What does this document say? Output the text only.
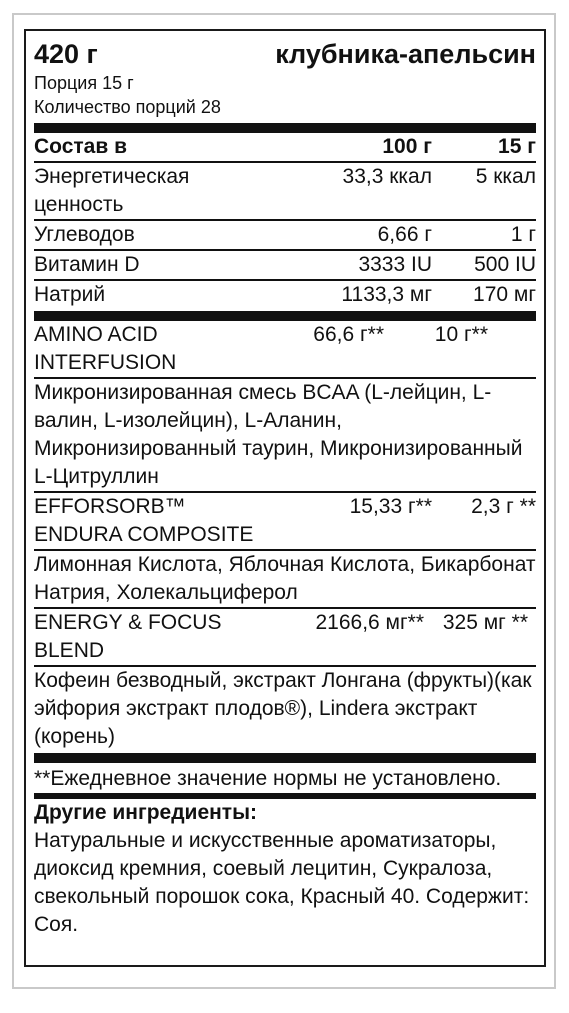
420 г	клубника-апельсин
Порция 15 г
Количество порций 28
Состав в	100 г	15 г
Энергетическая ценность
33,3 ккал	5 ккал
Углеводов	6,66 г	1 г
Витамин D	3333 IU	500 IU
Натрий	1133,3 мг	170 мг
AMINO ACID INTERFUSION
66,6 г**	10 г**
Микронизированная смесь BCAA (L-лейцин, L-валин, L-изолейцин), L-Аланин, Микронизированный таурин, Микронизированный L-Цитруллин
EFFORSORB™ ENDURA COMPOSITE
15,33 г**	2,3 г **
Лимонная Кислота, Яблочная Кислота, Бикарбонат Натрия, Холекальциферол
ENERGY & FOCUS BLEND
2166,6 мг** 325 мг **
Кофеин безводный, экстракт Лонгана (фрукты)(как эйфория экстракт плодов®), Lindera экстракт (корень)
**Ежедневное значение нормы не установлено.
Другие ингредиенты:
Натуральные и искусственные ароматизаторы, диоксид кремния, соевый лецитин, Сукралоза, свекольный порошок сока, Красный 40. Содержит: Соя.
